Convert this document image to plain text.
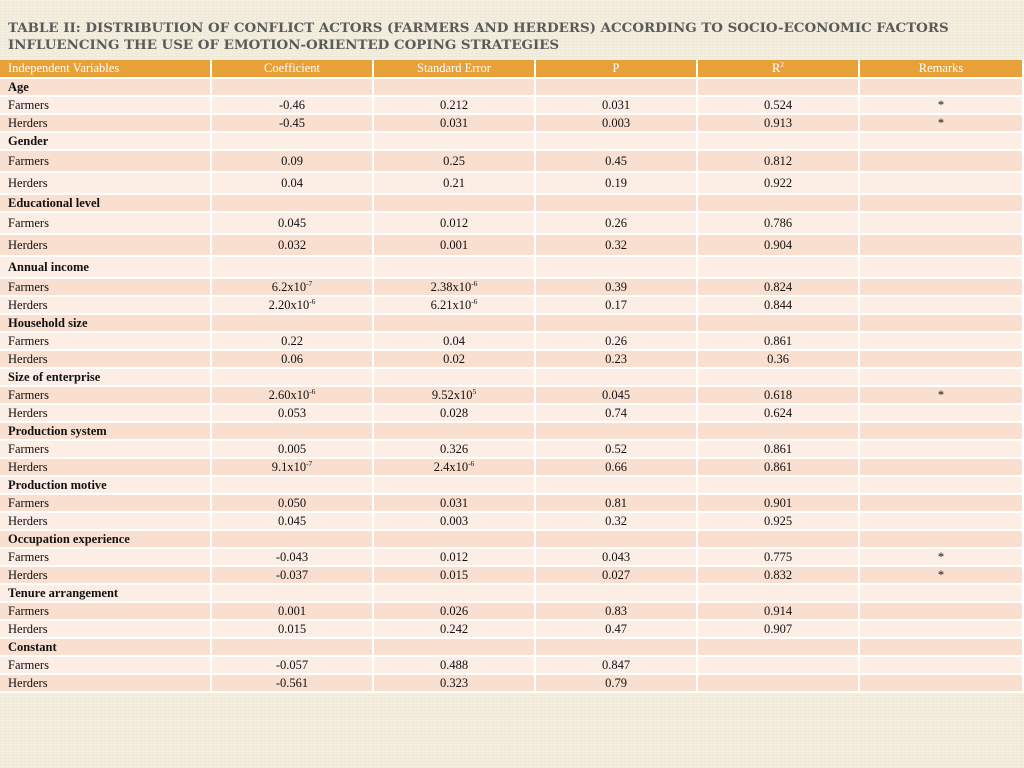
TABLE II: DISTRIBUTION OF CONFLICT ACTORS (FARMERS AND HERDERS) ACCORDING TO SOCIO-ECONOMIC FACTORS INFLUENCING THE USE OF EMOTION-ORIENTED COPING STRATEGIES
Independent Variables	Coefficient	Standard Error	P	$R^2$	Remarks
Age					
Farmers	-0.46	0.212	0.031	0.524	*
Herders	-0.45	0.031	0.003	0.913	*
Gender					
Farmers	0.09	0.25	0.45	0.812	
Herders	0.04	0.21	0.19	0.922	
Educational level					
Farmers	0.045	0.012	0.26	0.786	
Herders	0.032	0.001	0.32	0.904	
Annual income					
Farmers	$6.2x10^{-7}$	$2.38x10^{-6}$	0.39	0.824	
Herders	$2.20x10^{-6}$	$6.21x10^{-6}$	0.17	0.844	
Household size					
Farmers	0.22	0.04	0.26	0.861	
Herders	0.06	0.02	0.23	0.36	
Size of enterprise					
Farmers	$2.60x10^{-6}$	$9.52x10^5$	0.045	0.618	*
Herders	0.053	0.028	0.74	0.624	
Production system					
Farmers	0.005	0.326	0.52	0.861	
Herders	$9.1x10^{-7}$	$2.4x10^{-6}$	0.66	0.861	
Production motive					
Farmers	0.050	0.031	0.81	0.901	
Herders	0.045	0.003	0.32	0.925	
Occupation experience					
Farmers	-0.043	0.012	0.043	0.775	*
Herders	-0.037	0.015	0.027	0.832	*
Tenure arrangement					
Farmers	0.001	0.026	0.83	0.914	
Herders	0.015	0.242	0.47	0.907	
Constant					
Farmers	-0.057	0.488	0.847		
Herders	-0.561	0.323	0.79		
